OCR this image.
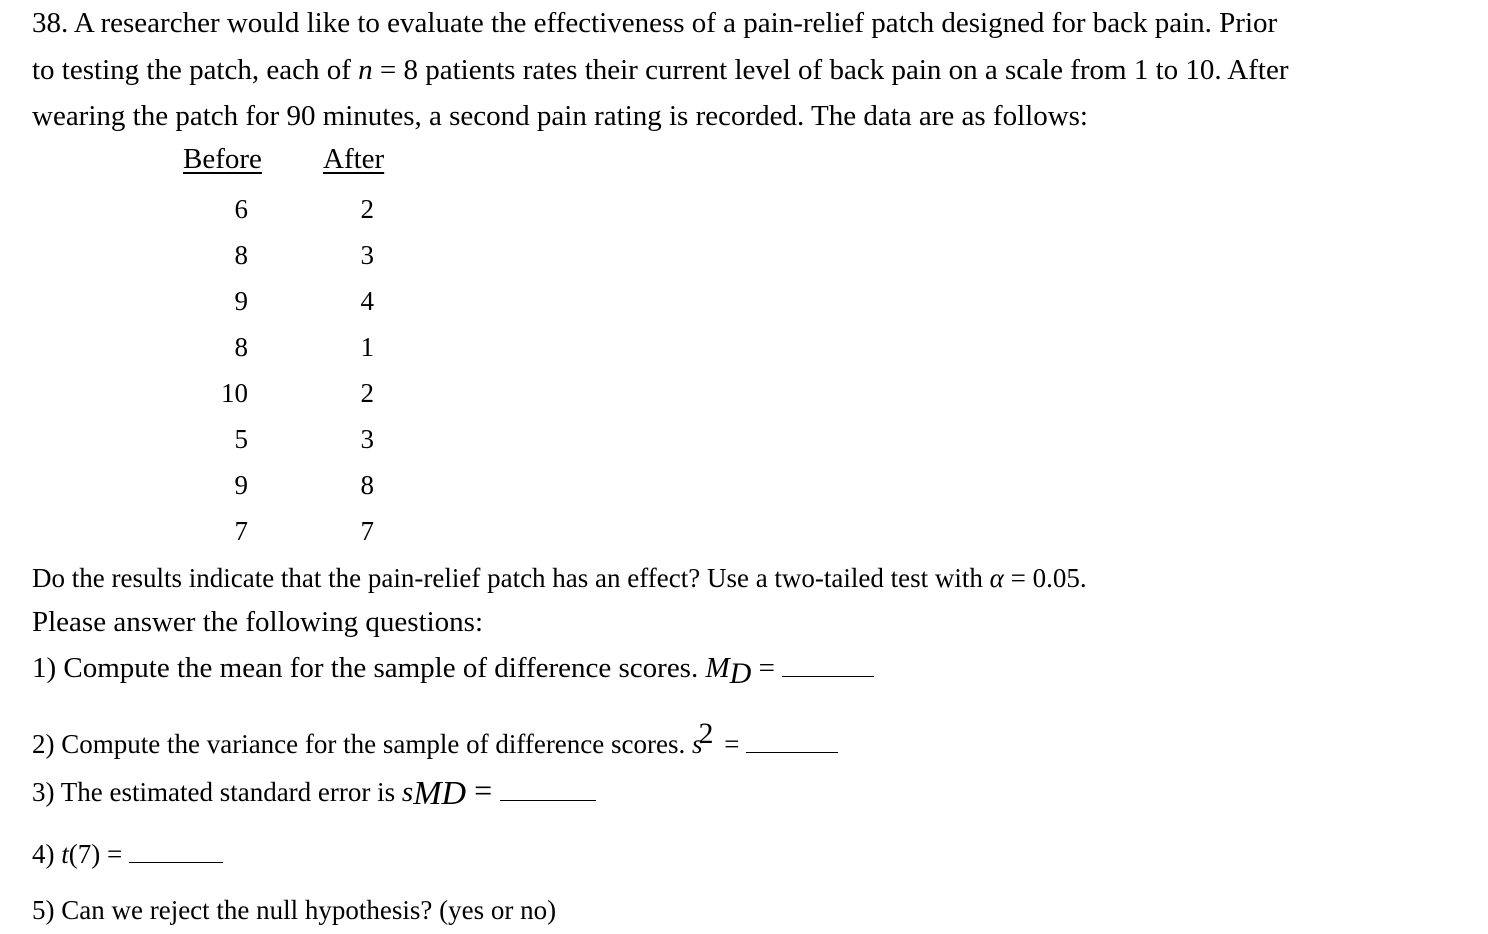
38. A researcher would like to evaluate the effectiveness of a pain-relief patch designed for back pain. Prior
to testing the patch, each of n = 8 patients rates their current level of back pain on a scale from 1 to 10. After
wearing the patch for 90 minutes, a second pain rating is recorded. The data are as follows:
Before After
6	2
8	3
9	4
8	1
10	2
5	3
9	8
7	7
Do the results indicate that the pain-relief patch has an effect? Use a two-tailed test with α = 0.05.
Please answer the following questions:
1) Compute the mean for the sample of difference scores. MD =
2) Compute the variance for the sample of difference scores. s2 =
3) The estimated standard error is sMD =
4) t(7) =
5) Can we reject the null hypothesis? (yes or no)
